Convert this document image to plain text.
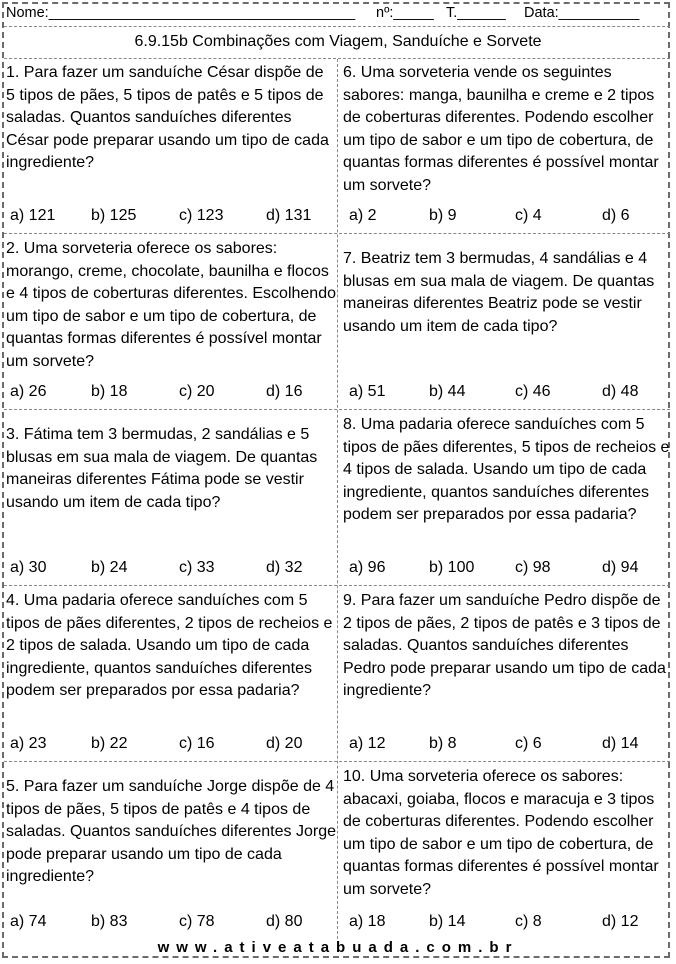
Nome:______________________________________ nº:_____ T.______ Data:__________
6.9.15b Combinações com Viagem, Sanduíche e Sorvete
1. Para fazer um sanduíche César dispõe de 5 tipos de pães, 5 tipos de patês e 5 tipos de saladas. Quantos sanduíches diferentes César pode preparar usando um tipo de cada ingrediente?
a) 121 b) 125	c) 123	d) 131
2. Uma sorveteria oferece os sabores: morango, creme, chocolate, baunilha e flocos e 4 tipos de coberturas diferentes. Escolhendo um tipo de sabor e um tipo de cobertura, de quantas formas diferentes é possível montar um sorvete?
a) 26	b) 18	c) 20	d) 16
3. Fátima tem 3 bermudas, 2 sandálias e 5 blusas em sua mala de viagem. De quantas maneiras diferentes Fátima pode se vestir usando um item de cada tipo?
a) 30	b) 24	c) 33	d) 32
4. Uma padaria oferece sanduíches com 5 tipos de pães diferentes, 2 tipos de recheios e 2 tipos de salada. Usando um tipo de cada ingrediente, quantos sanduíches diferentes podem ser preparados por essa padaria?
a) 23	b) 22	c) 16	d) 20
5. Para fazer um sanduíche Jorge dispõe de 4 tipos de pães, 5 tipos de patês e 4 tipos de saladas. Quantos sanduíches diferentes Jorge pode preparar usando um tipo de cada ingrediente?
a) 74	b) 83	c) 78	d) 80
6. Uma sorveteria vende os seguintes sabores: manga, baunilha e creme e 2 tipos de coberturas diferentes. Podendo escolher um tipo de sabor e um tipo de cobertura, de quantas formas diferentes é possível montar um sorvete?
a) 2	b) 9	c) 4	d) 6
7. Beatriz tem 3 bermudas, 4 sandálias e 4 blusas em sua mala de viagem. De quantas maneiras diferentes Beatriz pode se vestir usando um item de cada tipo?
a) 51	b) 44	c) 46	d) 48
8. Uma padaria oferece sanduíches com 5 tipos de pães diferentes, 5 tipos de recheios e 4 tipos de salada. Usando um tipo de cada ingrediente, quantos sanduíches diferentes podem ser preparados por essa padaria?
a) 96	b) 100	c) 98	d) 94
9. Para fazer um sanduíche Pedro dispõe de 2 tipos de pães, 2 tipos de patês e 3 tipos de saladas. Quantos sanduíches diferentes Pedro pode preparar usando um tipo de cada ingrediente?
a) 12	b) 8	c) 6	d) 14
10. Uma sorveteria oferece os sabores: abacaxi, goiaba, flocos e maracuja e 3 tipos de coberturas diferentes. Podendo escolher um tipo de sabor e um tipo de cobertura, de quantas formas diferentes é possível montar um sorvete?
a) 18	b) 14	c) 8	d) 12
www.ativeatabuada.com.br
